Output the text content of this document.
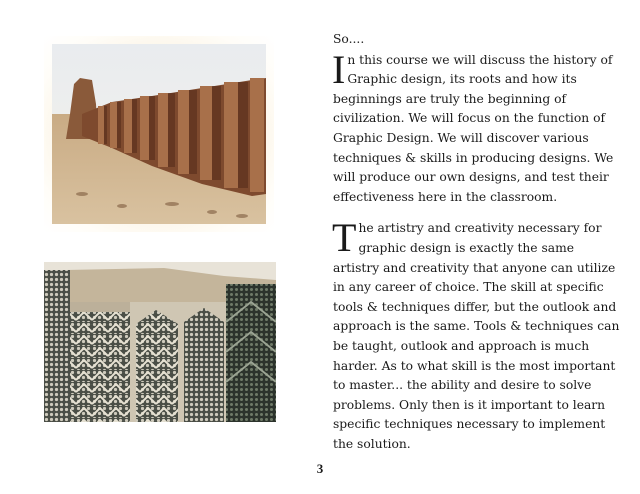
So....

In this course we will discuss the history of Graphic design, its roots and how its beginnings are truly the beginning of civilization. We will focus on the function of Graphic Design. We will discover various techniques & skills in producing designs. We will produce our own designs, and test their effectiveness here in the classroom.

The artistry and creativity necessary for graphic design is exactly the same artistry and creativity that anyone can utilize in any career of choice. The skill at specific tools & techniques differ, but the outlook and approach is the same. Tools & techniques can be taught, outlook and approach is much harder. As to what skill is the most important to master... the ability and desire to solve problems. Only then is it important to learn specific techniques necessary to implement the solution.

3
